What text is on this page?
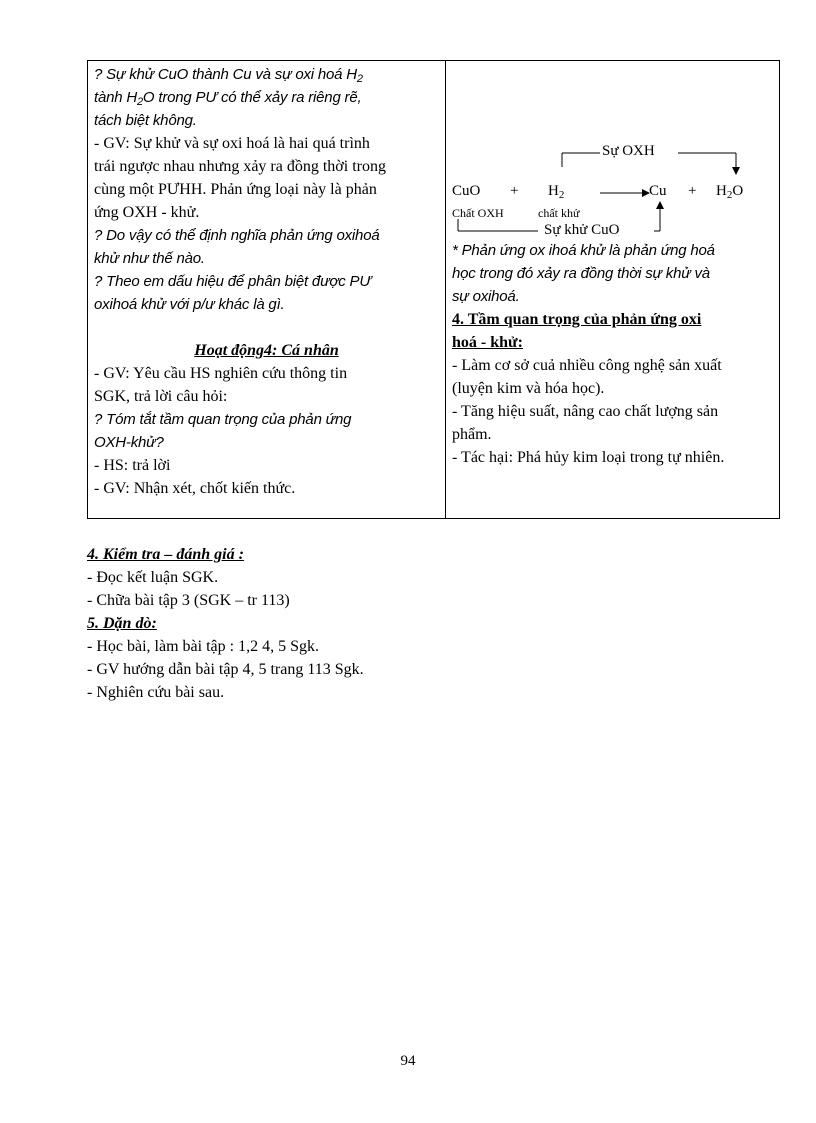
? Sự khử CuO thành Cu và sự oxi hoá $H_2$
tành $H_2O$ trong PƯ có thể xảy ra riêng rẽ,
tách biệt không.
- GV: Sự khử và sự oxi hoá là hai quá trình
trái ngược nhau nhưng xảy ra đồng thời trong
cùng một PƯHH. Phản ứng loại này là phản
ứng OXH - khử.
? Do vậy có thể định nghĩa phản ứng oxihoá
khử như thế nào.
? Theo em dấu hiệu để phân biệt được PƯ
oxihoá khử với p/ư khác là gì.
Hoạt động4: Cá nhân
- GV: Yêu cầu HS nghiên cứu thông tin
SGK, trả lời câu hỏi:
? Tóm tắt tầm quan trọng của phản ứng
OXH-khử?
- HS: trả lời
- GV: Nhận xét, chốt kiến thức.

Sự OXH
CuO + $H_2$	$Cu + H_2O$
Chất OXH	chất khử
Sự khử CuO
* Phản ứng ox ihoá khử là phản ứng hoá
học trong đó xảy ra đồng thời sự khử và
sự oxihoá.
4. Tầm quan trọng của phản ứng oxi
hoá - khử:
- Làm cơ sở cuả nhiều công nghệ sản xuất
(luyện kim và hóa học).
- Tăng hiệu suất, nâng cao chất lượng sản
phẩm.
- Tác hại: Phá hủy kim loại trong tự nhiên.
4. Kiểm tra – đánh giá :
- Đọc kết luận SGK.
- Chữa bài tập 3 (SGK – tr 113)
5. Dặn dò:
- Học bài, làm bài tập : 1,2 4, 5 Sgk.
- GV hướng dẫn bài tập 4, 5 trang 113 Sgk.
- Nghiên cứu bài sau.
94
